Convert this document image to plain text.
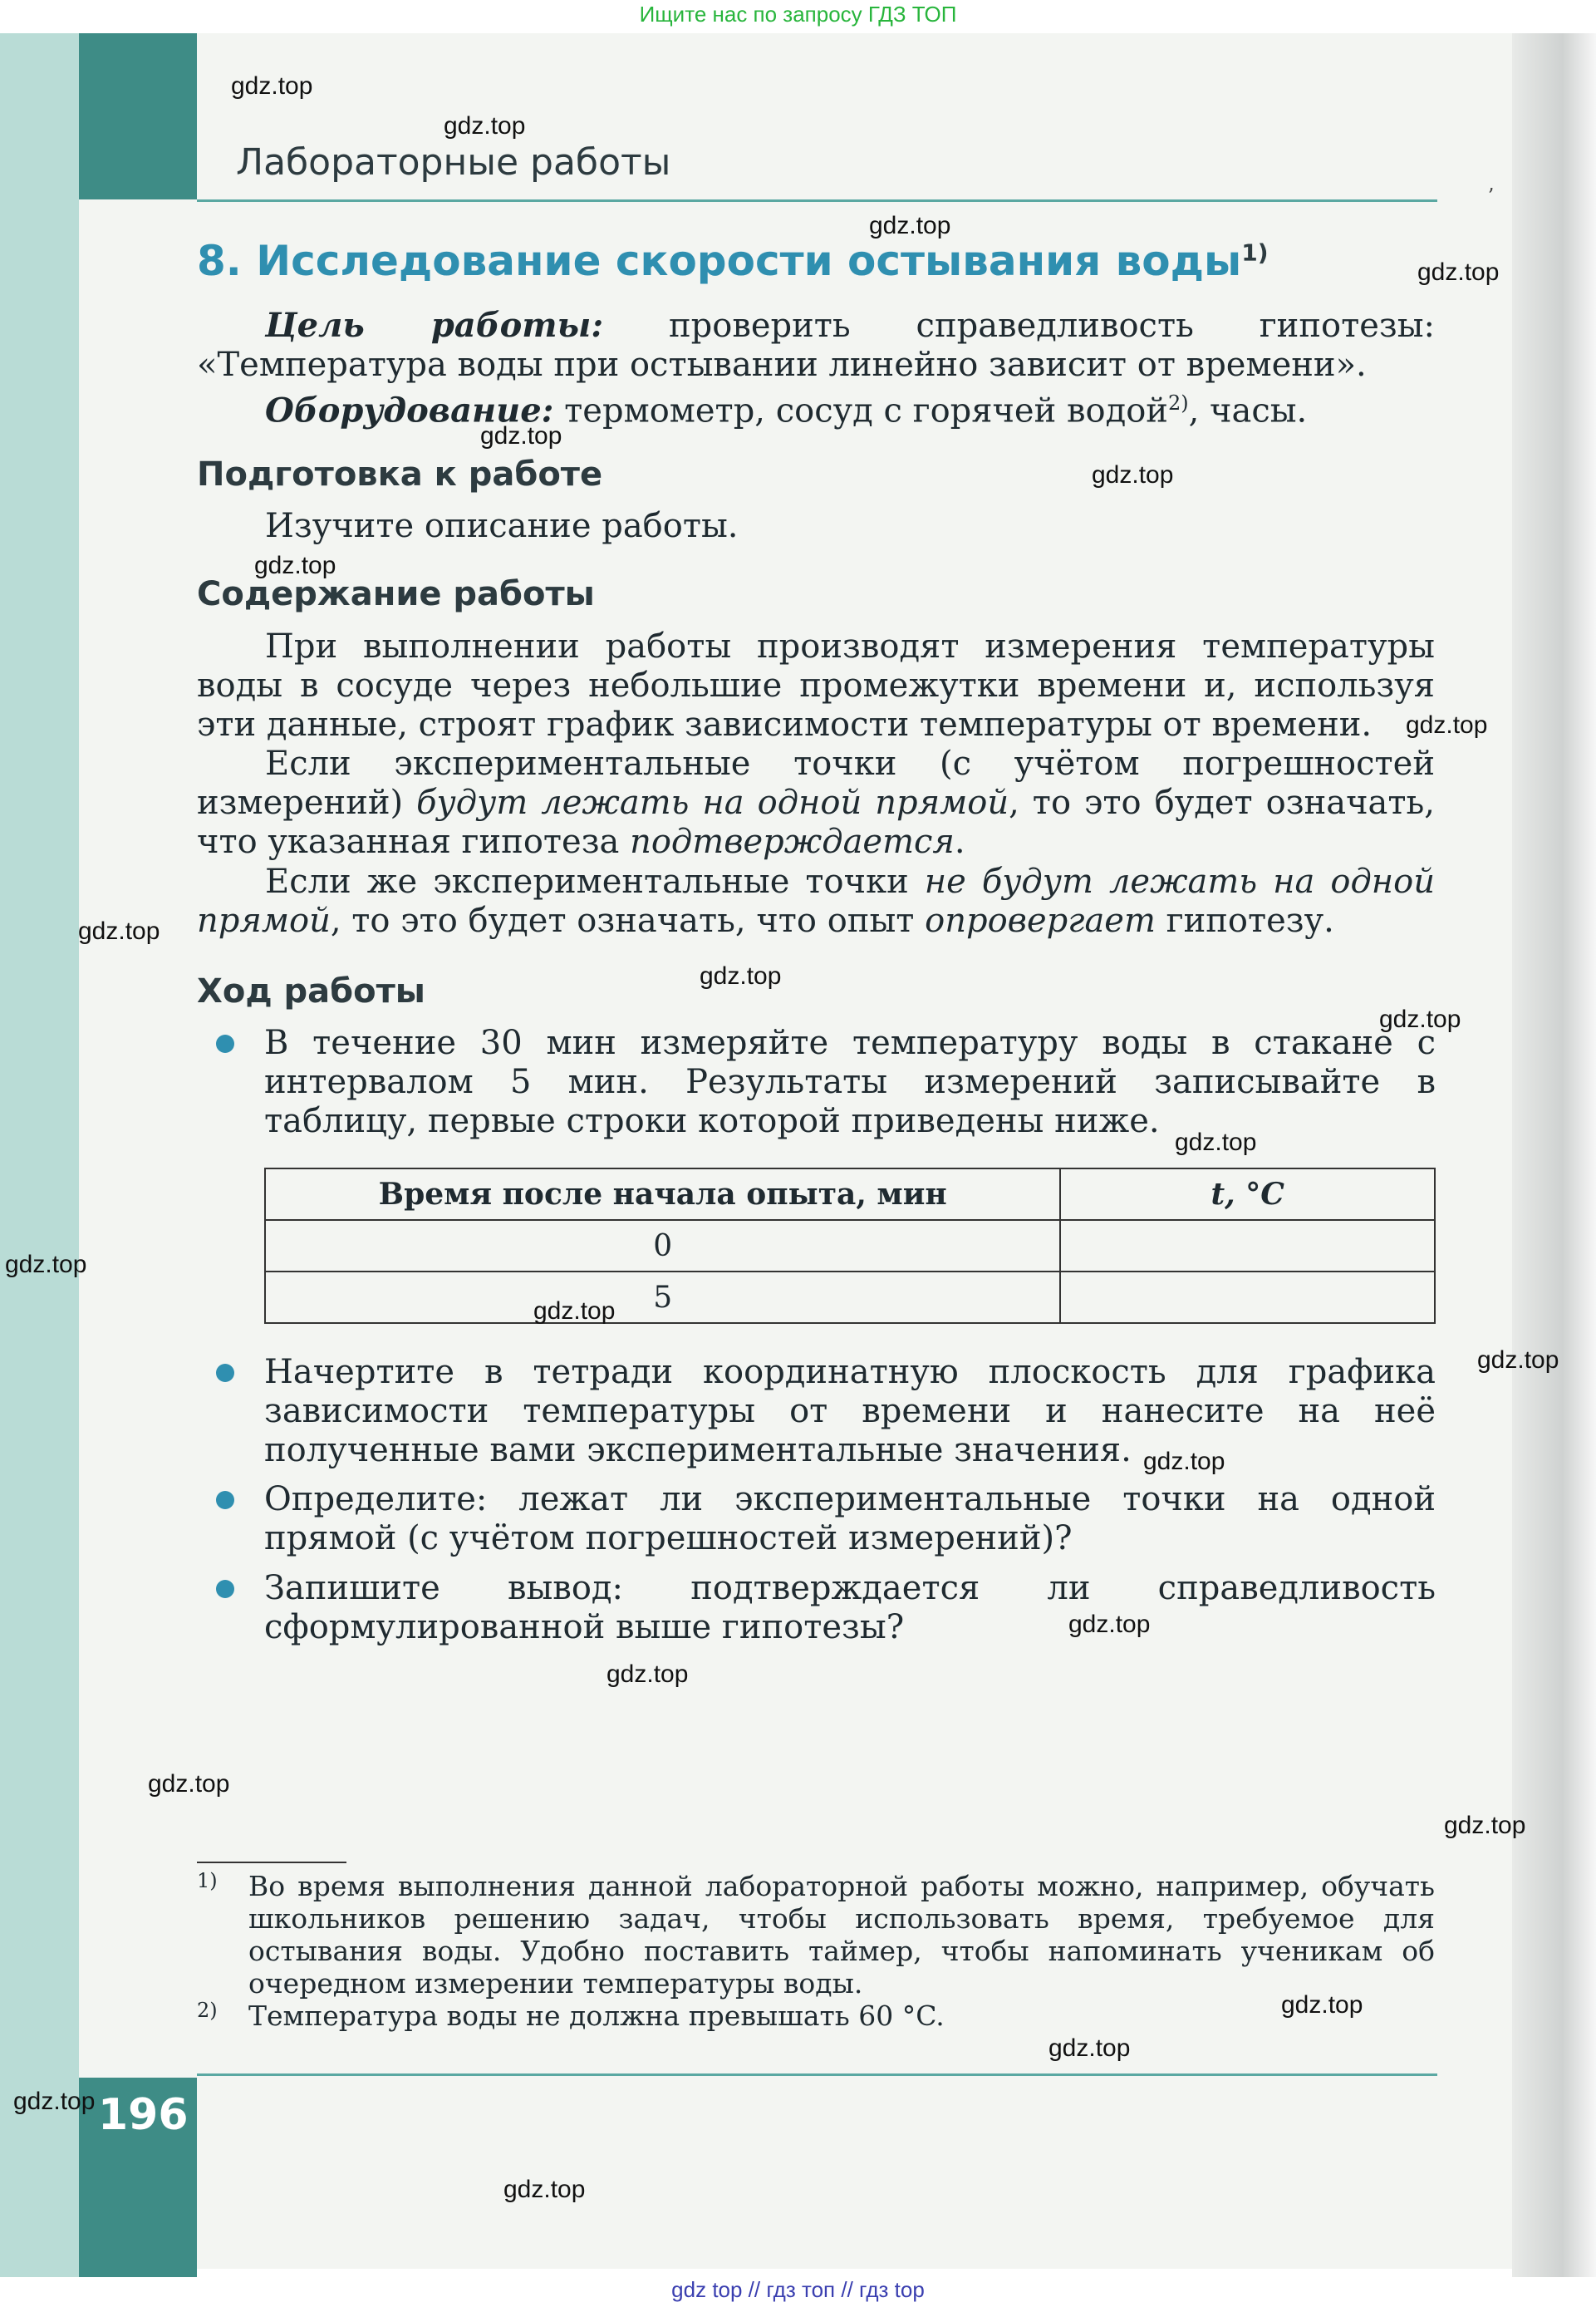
Ищите нас по запросу ГДЗ ТОП
196
Лабораторные работы
ʼ
8. Исследование скорости остывания воды$^{1)}$
Цель работы: проверить справедливость гипотезы: «Температура воды при остывании линейно зависит от времени».
Оборудование: термометр, сосуд с горячей водой$^{2)}$, часы.
Подготовка к работе
Изучите описание работы.
Содержание работы
При выполнении работы производят измерения температуры воды в сосуде через небольшие промежутки времени и, используя эти данные, строят график зависимости температуры от времени.
Если экспериментальные точки (с учётом погрешностей измерений) будут лежать на одной прямой, то это будет означать, что указанная гипотеза подтверждается.
Если же экспериментальные точки не будут лежать на одной прямой, то это будет означать, что опыт опровергает гипотезу.
Ход работы
В течение 30 мин измеряйте температуру воды в стакане с интервалом 5 мин. Результаты измерений записывайте в таблицу, первые строки которой приведены ниже.
Время после начала опыта, мин	t, °C
0	
5	
Начертите в тетради координатную плоскость для графика зависимости температуры от времени и нанесите на неё полученные вами экспериментальные значения.
Определите: лежат ли экспериментальные точки на одной прямой (с учётом погрешностей измерений)?
Запишите вывод: подтверждается ли справедливость сформулированной выше гипотезы?
1) Во время выполнения данной лабораторной работы можно, например, обучать школьников решению задач, чтобы использовать время, требуемое для остывания воды. Удобно поставить таймер, чтобы напоминать ученикам об очередном измерении температуры воды.
2) Температура воды не должна превышать 60 °C.
gdz.top
gdz.top
gdz.top
gdz.top
gdz.top
gdz.top
gdz.top
gdz.top
gdz.top
gdz.top
gdz.top
gdz.top
gdz.top
gdz.top
gdz.top
gdz.top
gdz.top
gdz.top
gdz.top
gdz.top
gdz.top
gdz.top
gdz.top
gdz.top
gdz top // гдз топ // гдз top
